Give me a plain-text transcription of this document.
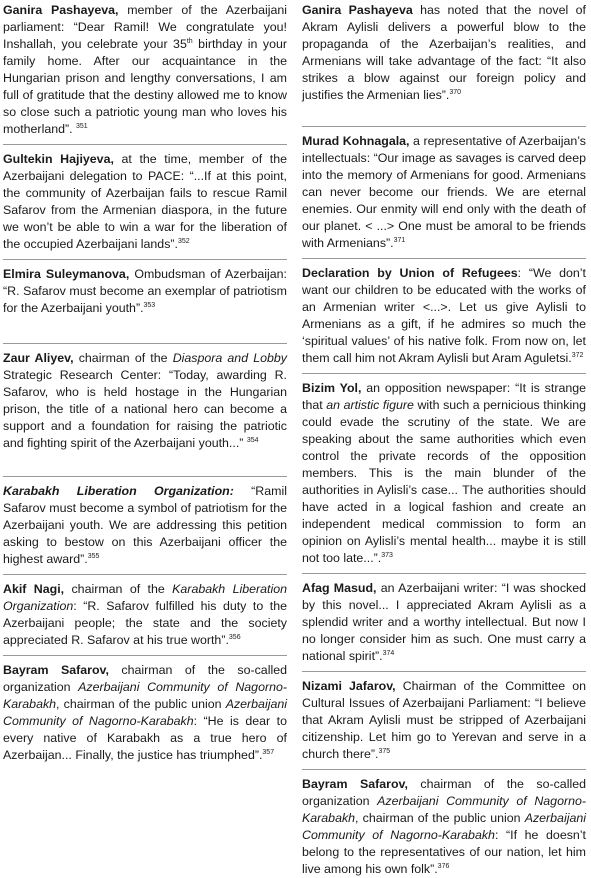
Ganira Pashayeva, member of the Azerbaijani parliament: “Dear Ramil! We congratulate you! Inshallah, you celebrate your 35th birthday in your family home. After our acquaintance in the Hungarian prison and lengthy conversations, I am full of gratitude that the destiny allowed me to know so close such a patriotic young man who loves his motherland”. $^{351}$

Gultekin Hajiyeva, at the time, member of the Azerbaijani delegation to PACE: “...If at this point, the community of Azerbaijan fails to rescue Ramil Safarov from the Armenian diaspora, in the future we won’t be able to win a war for the liberation of the occupied Azerbaijani lands”.$^{352}$

Elmira Suleymanova, Ombudsman of Azerbaijan: “R. Safarov must become an exemplar of patriotism for the Azerbaijani youth”.$^{353}$

Zaur Aliyev, chairman of the Diaspora and Lobby Strategic Research Center: “Today, awarding R. Safarov, who is held hostage in the Hungarian prison, the title of a national hero can become a support and a foundation for raising the patriotic and fighting spirit of the Azerbaijani youth...” $^{354}$

Karabakh Liberation Organization: “Ramil Safarov must become a symbol of patriotism for the Azerbaijani youth. We are addressing this petition asking to bestow on this Azerbaijani officer the highest award”.$^{355}$

Akif Nagi, chairman of the Karabakh Liberation Organization: “R. Safarov fulfilled his duty to the Azerbaijani people; the state and the society appreciated R. Safarov at his true worth”.$^{356}$

Bayram Safarov, chairman of the so-called organization Azerbaijani Community of Nagorno-Karabakh, chairman of the public union Azerbaijani Community of Nagorno-Karabakh: “He is dear to every native of Karabakh as a true hero of Azerbaijan... Finally, the justice has triumphed”.$^{357}$

Ganira Pashayeva has noted that the novel of Akram Aylisli delivers a powerful blow to the propaganda of the Azerbaijan’s realities, and Armenians will take advantage of the fact: “It also strikes a blow against our foreign policy and justifies the Armenian lies”.$^{370}$

Murad Kohnagala, a representative of Azerbaijan’s intellectuals: “Our image as savages is carved deep into the memory of Armenians for good. Armenians can never become our friends. We are eternal enemies. Our enmity will end only with the death of our planet. < ...> One must be amoral to be friends with Armenians”.$^{371}$

Declaration by Union of Refugees: “We don’t want our children to be educated with the works of an Armenian writer <...>. Let us give Aylisli to Armenians as a gift, if he admires so much the ‘spiritual values’ of his native folk. From now on, let them call him not Akram Aylisli but Aram Aguletsi.$^{372}$

Bizim Yol, an opposition newspaper: “It is strange that an artistic figure with such a pernicious thinking could evade the scrutiny of the state. We are speaking about the same authorities which even control the private records of the opposition members. This is the main blunder of the authorities in Aylisli’s case... The authorities should have acted in a logical fashion and create an independent medical commission to form an opinion on Aylisli’s mental health... maybe it is still not too late...”.$^{373}$

Afag Masud, an Azerbaijani writer: “I was shocked by this novel... I appreciated Akram Aylisli as a splendid writer and a worthy intellectual. But now I no longer consider him as such. One must carry a national spirit”.$^{374}$

Nizami Jafarov, Chairman of the Committee on Cultural Issues of Azerbaijani Parliament: “I believe that Akram Aylisli must be stripped of Azerbaijani citizenship. Let him go to Yerevan and serve in a church there”.$^{375}$

Bayram Safarov, chairman of the so-called organization Azerbaijani Community of Nagorno-Karabakh, chairman of the public union Azerbaijani Community of Nagorno-Karabakh: “If he doesn’t belong to the representatives of our nation, let him live among his own folk”.$^{376}$
